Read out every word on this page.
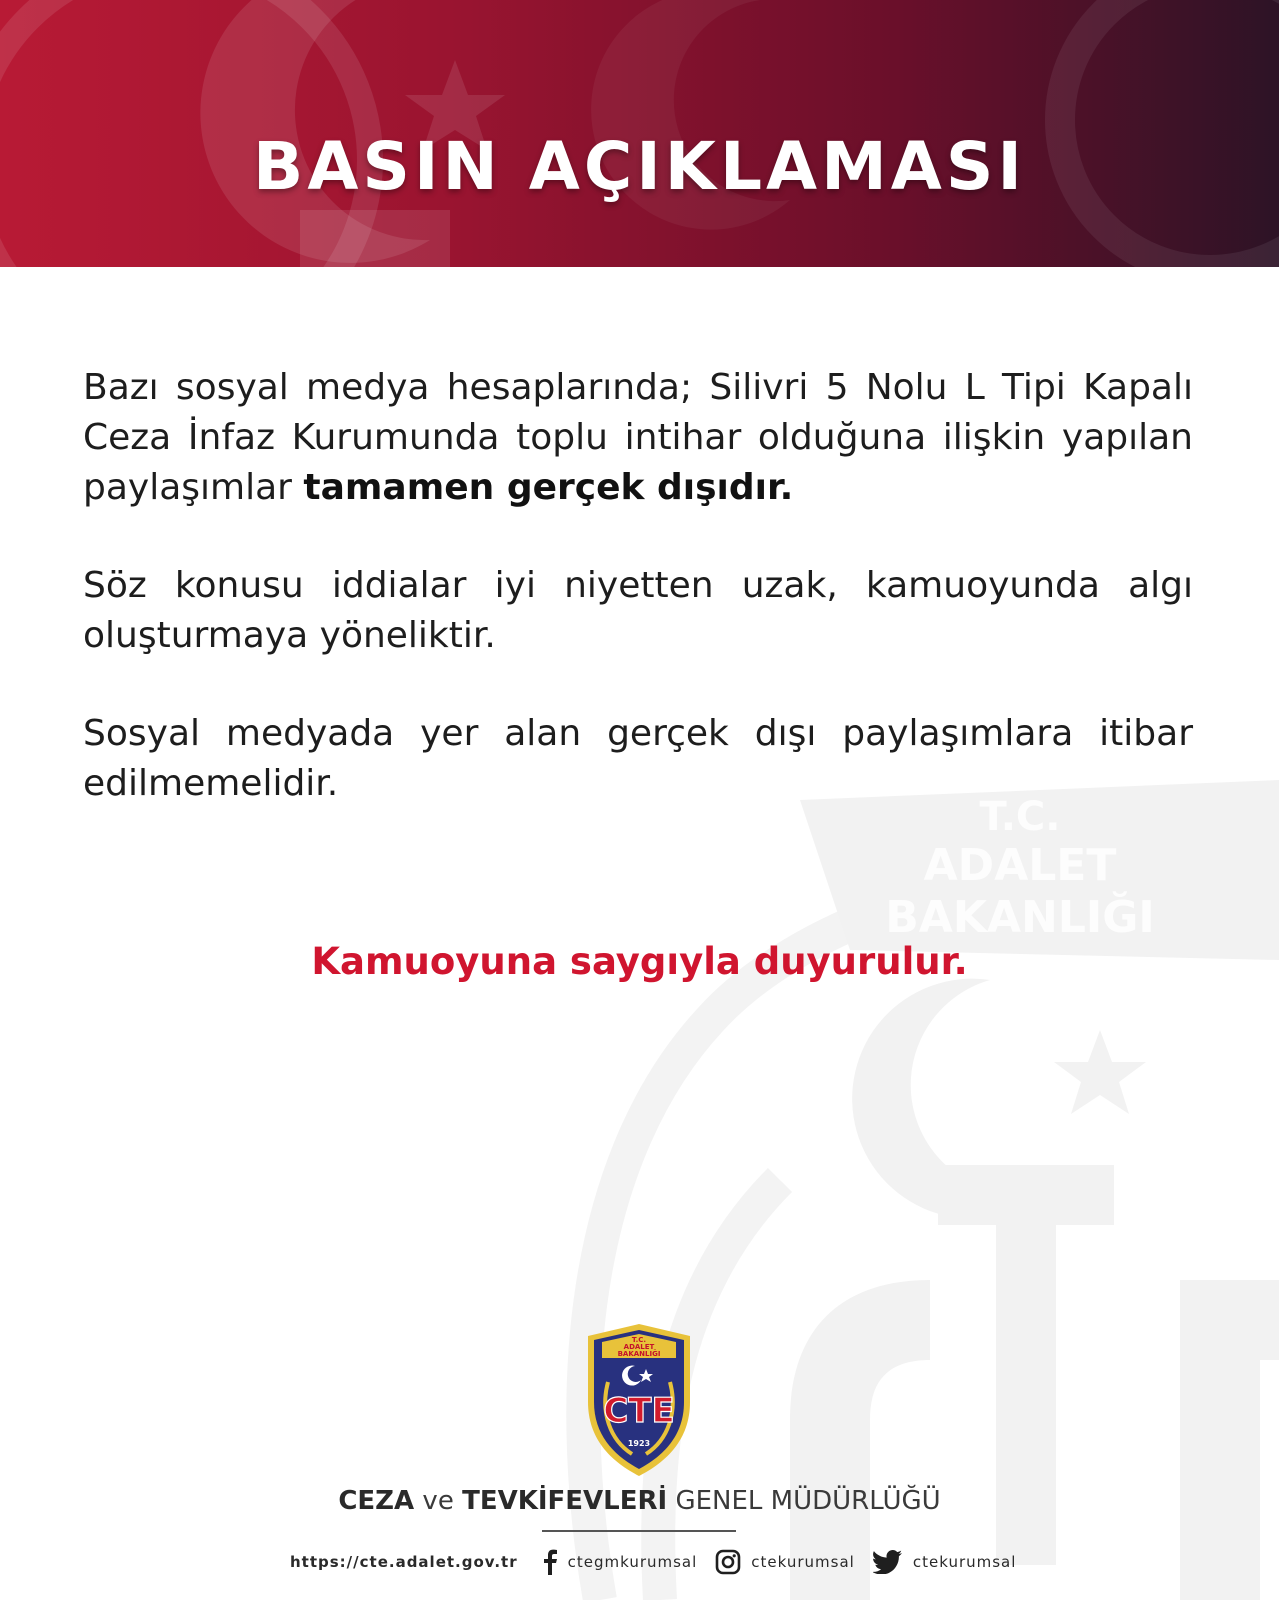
BASIN AÇIKLAMASI
T.C.
ADALET
BAKANLIĞI

Bazı sosyal medya hesaplarında; Silivri 5 Nolu L Tipi Kapalı Ceza İnfaz Kurumunda toplu intihar olduğuna ilişkin yapılan paylaşımlar tamamen gerçek dışıdır.

Söz konusu iddialar iyi niyetten uzak, kamuoyunda algı oluşturmaya yöneliktir.

Sosyal medyada yer alan gerçek dışı paylaşımlara itibar edilmemelidir.

Kamuoyuna saygıyla duyurulur.
T.C.
ADALET
BAKANLIĞI
CTE
1923
CEZA ve TEVKİFEVLERİ GENEL MÜDÜRLÜĞÜ
https://cte.adalet.gov.tr	ctegmkurumsal	ctekurumsal	ctekurumsal
